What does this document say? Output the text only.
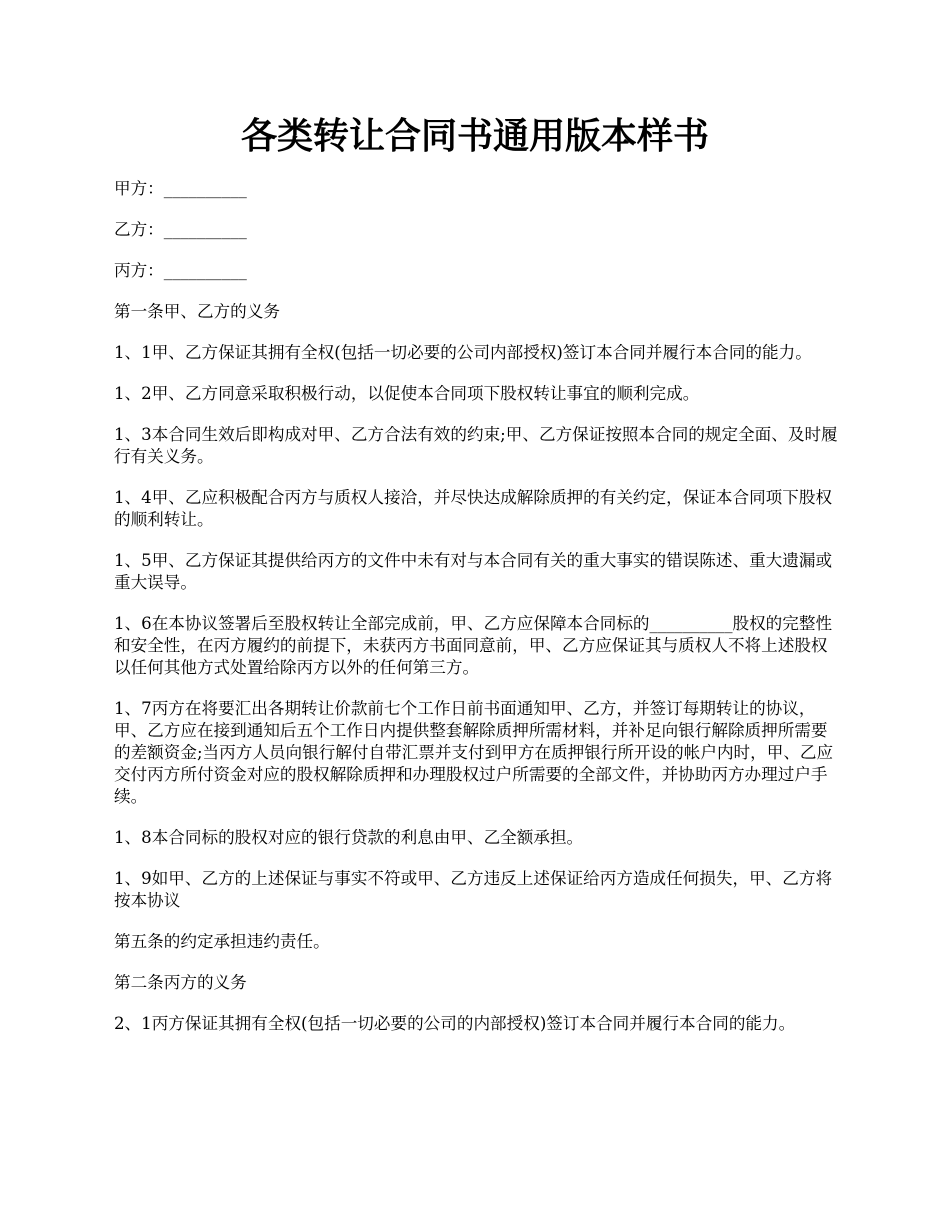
各类转让合同书通用版本样书

甲方：__________

乙方：__________

丙方：__________

第一条甲、乙方的义务

1、1甲、乙方保证其拥有全权(包括一切必要的公司内部授权)签订本合同并履行本合同的能力。

1、2甲、乙方同意采取积极行动，以促使本合同项下股权转让事宜的顺利完成。

1、3本合同生效后即构成对甲、乙方合法有效的约束;甲、乙方保证按照本合同的规定全面、及时履行有关义务。

1、4甲、乙应积极配合丙方与质权人接洽，并尽快达成解除质押的有关约定，保证本合同项下股权的顺利转让。

1、5甲、乙方保证其提供给丙方的文件中未有对与本合同有关的重大事实的错误陈述、重大遗漏或重大误导。

1、6在本协议签署后至股权转让全部完成前，甲、乙方应保障本合同标的__________股权的完整性和安全性，在丙方履约的前提下，未获丙方书面同意前，甲、乙方应保证其与质权人不将上述股权以任何其他方式处置给除丙方以外的任何第三方。

1、7丙方在将要汇出各期转让价款前七个工作日前书面通知甲、乙方，并签订每期转让的协议，甲、乙方应在接到通知后五个工作日内提供整套解除质押所需材料，并补足向银行解除质押所需要的差额资金;当丙方人员向银行解付自带汇票并支付到甲方在质押银行所开设的帐户内时，甲、乙应交付丙方所付资金对应的股权解除质押和办理股权过户所需要的全部文件，并协助丙方办理过户手续。

1、8本合同标的股权对应的银行贷款的利息由甲、乙全额承担。

1、9如甲、乙方的上述保证与事实不符或甲、乙方违反上述保证给丙方造成任何损失，甲、乙方将按本协议

第五条的约定承担违约责任。

第二条丙方的义务

2、1丙方保证其拥有全权(包括一切必要的公司的内部授权)签订本合同并履行本合同的能力。
